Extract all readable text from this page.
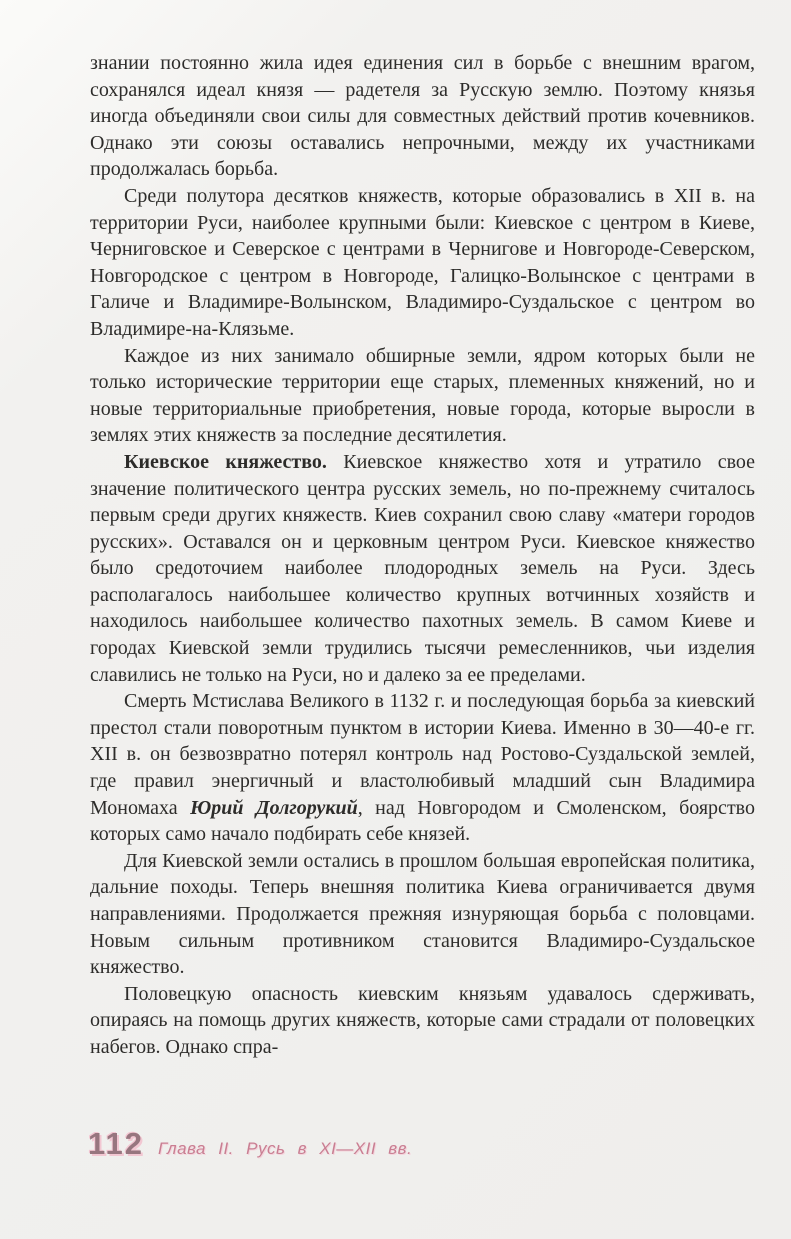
знании постоянно жила идея единения сил в борьбе с внешним врагом, сохранялся идеал князя — радетеля за Русскую землю. Поэтому князья иногда объединяли свои силы для совместных действий против кочевников. Однако эти союзы оставались непрочными, между их участниками продолжалась борьба.

Среди полутора десятков княжеств, которые образовались в XII в. на территории Руси, наиболее крупными были: Киевское с центром в Киеве, Черниговское и Северское с центрами в Чернигове и Новгороде-Северском, Новгородское с центром в Новгороде, Галицко-Волынское с центрами в Галиче и Владимире-Волынском, Владимиро-Суздальское с центром во Владимире-на-Клязьме.

Каждое из них занимало обширные земли, ядром которых были не только исторические территории еще старых, племенных княжений, но и новые территориальные приобретения, новые города, которые выросли в землях этих княжеств за последние десятилетия.

Киевское княжество. Киевское княжество хотя и утратило свое значение политического центра русских земель, но по-прежнему считалось первым среди других княжеств. Киев сохранил свою славу «матери городов русских». Оставался он и церковным центром Руси. Киевское княжество было средоточием наиболее плодородных земель на Руси. Здесь располагалось наибольшее количество крупных вотчинных хозяйств и находилось наибольшее количество пахотных земель. В самом Киеве и городах Киевской земли трудились тысячи ремесленников, чьи изделия славились не только на Руси, но и далеко за ее пределами.

Смерть Мстислава Великого в 1132 г. и последующая борьба за киевский престол стали поворотным пунктом в истории Киева. Именно в 30—40-е гг. XII в. он безвозвратно потерял контроль над Ростово-Суздальской землей, где правил энергичный и властолюбивый младший сын Владимира Мономаха Юрий Долгорукий, над Новгородом и Смоленском, боярство которых само начало подбирать себе князей.

Для Киевской земли остались в прошлом большая европейская политика, дальние походы. Теперь внешняя политика Киева ограничивается двумя направлениями. Продолжается прежняя изнуряющая борьба с половцами. Новым сильным противником становится Владимиро-Суздальское княжество.

Половецкую опасность киевским князьям удавалось сдерживать, опираясь на помощь других княжеств, которые сами страдали от половецких набегов. Однако спра-

112 Глава II. Русь в XI—XII вв.
